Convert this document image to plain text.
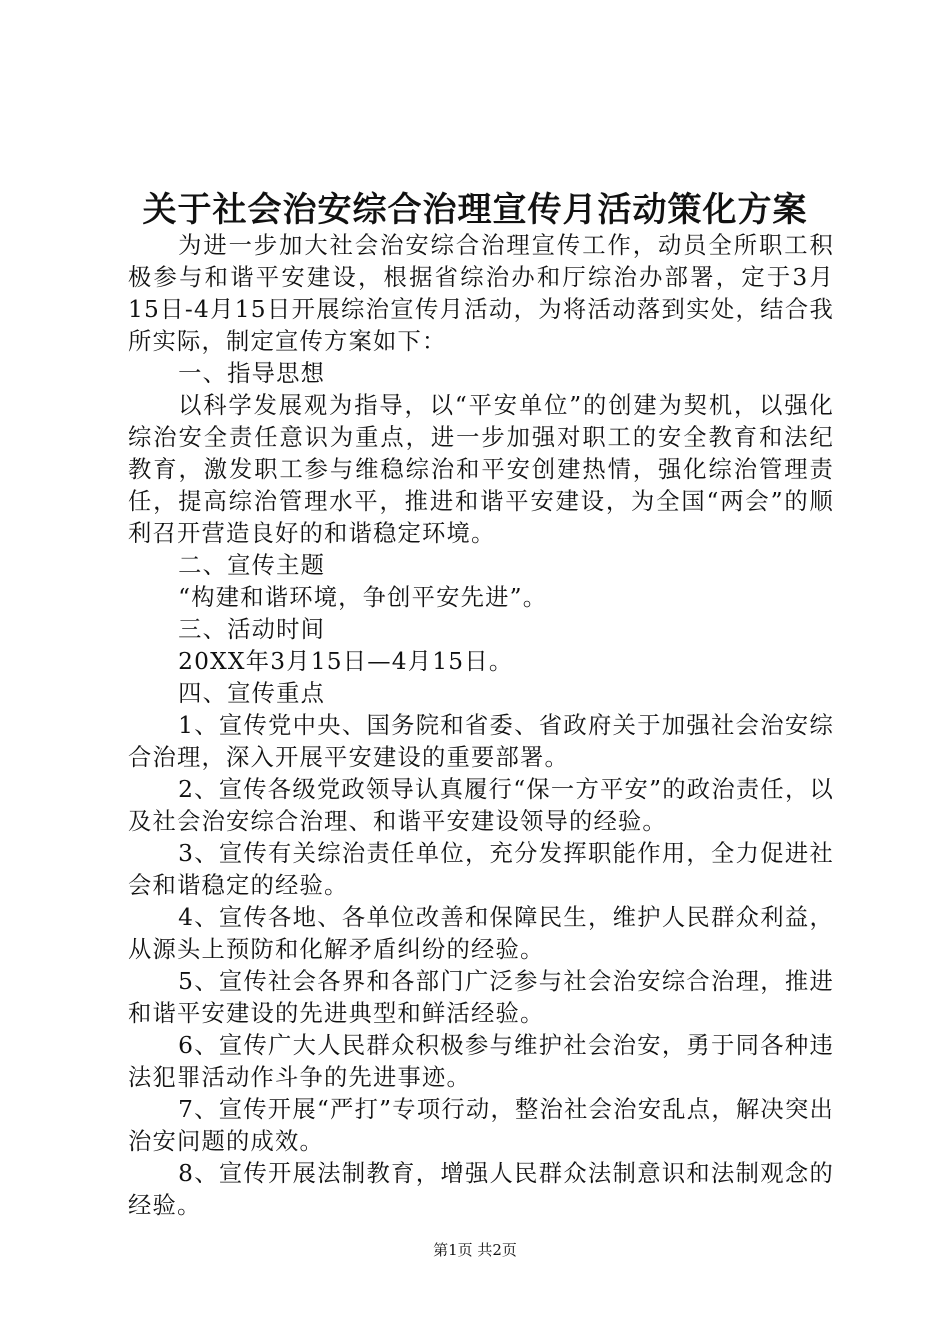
关于社会治安综合治理宣传月活动策化方案

为进一步加大社会治安综合治理宣传工作，动员全所职工积极参与和谐平安建设，根据省综治办和厅综治办部署，定于3月15日-4月15日开展综治宣传月活动，为将活动落到实处，结合我所实际，制定宣传方案如下：

一、指导思想

以科学发展观为指导，以“平安单位”的创建为契机，以强化综治安全责任意识为重点，进一步加强对职工的安全教育和法纪教育，激发职工参与维稳综治和平安创建热情，强化综治管理责任，提高综治管理水平，推进和谐平安建设，为全国“两会”的顺利召开营造良好的和谐稳定环境。

二、宣传主题

“构建和谐环境，争创平安先进”。

三、活动时间

20XX年3月15日—4月15日。

四、宣传重点

1、宣传党中央、国务院和省委、省政府关于加强社会治安综合治理，深入开展平安建设的重要部署。

2、宣传各级党政领导认真履行“保一方平安”的政治责任，以及社会治安综合治理、和谐平安建设领导的经验。

3、宣传有关综治责任单位，充分发挥职能作用，全力促进社会和谐稳定的经验。

4、宣传各地、各单位改善和保障民生，维护人民群众利益，从源头上预防和化解矛盾纠纷的经验。

5、宣传社会各界和各部门广泛参与社会治安综合治理，推进和谐平安建设的先进典型和鲜活经验。

6、宣传广大人民群众积极参与维护社会治安，勇于同各种违法犯罪活动作斗争的先进事迹。

7、宣传开展“严打”专项行动，整治社会治安乱点，解决突出治安问题的成效。

8、宣传开展法制教育，增强人民群众法制意识和法制观念的经验。

第1页 共2页
